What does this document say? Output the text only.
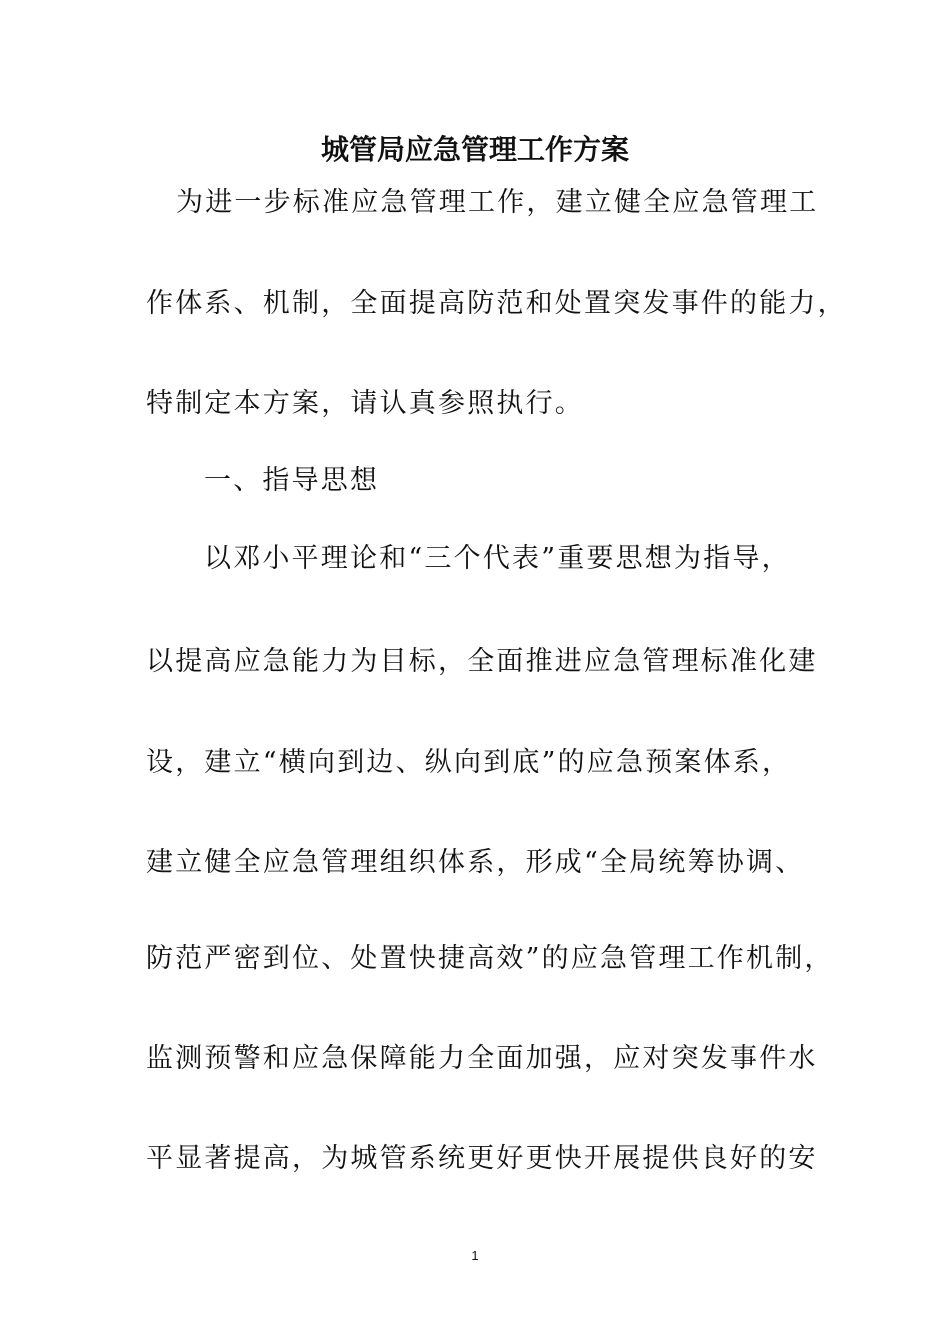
城管局应急管理工作方案
为进一步标准应急管理工作，建立健全应急管理工
作体系、机制，全面提高防范和处置突发事件的能力，
特制定本方案，请认真参照执行。
一、指导思想
以邓小平理论和“三个代表”重要思想为指导，
以提高应急能力为目标，全面推进应急管理标准化建
设，建立“横向到边、纵向到底”的应急预案体系，
建立健全应急管理组织体系，形成“全局统筹协调、
防范严密到位、处置快捷高效”的应急管理工作机制，
监测预警和应急保障能力全面加强，应对突发事件水
平显著提高，为城管系统更好更快开展提供良好的安
1
